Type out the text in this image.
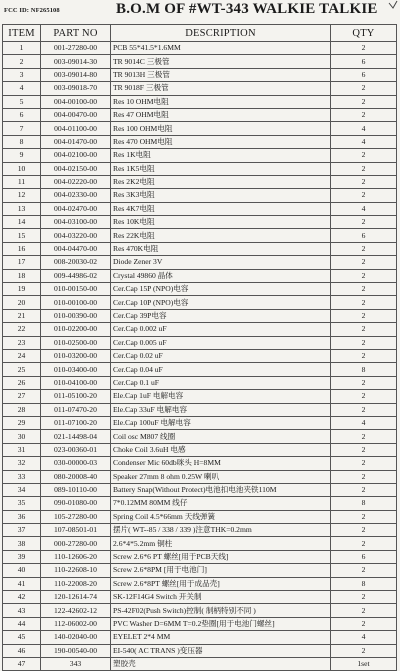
FCC ID: NF265108	B.O.M OF #WT-343 WALKIE TALKIE
ITEM	PART NO	DESCRIPTION	QTY
1	001-27280-00	PCB 55*41.5*1.6MM	2
2	003-09014-30	TR 9014C 三极管	6
3	003-09014-80	TR 9013H 三极管	6
4	003-09018-70	TR 9018F 三极管	2
5	004-00100-00	Res 10 OHM电阻	2
6	004-00470-00	Res 47 OHM电阻	2
7	004-01100-00	Res 100 OHM电阻	4
8	004-01470-00	Res 470 OHM电阻	4
9	004-02100-00	Res 1K电阻	2
10	004-02150-00	Res 1K5电阻	2
11	004-02220-00	Res 2K2电阻	2
12	004-02330-00	Res 3K3电阻	2
13	004-02470-00	Res 4K7电阻	4
14	004-03100-00	Res 10K电阻	2
15	004-03220-00	Res 22K电阻	6
16	004-04470-00	Res 470K电阻	2
17	008-20030-02	Diode Zener 3V	2
18	009-44986-02	Crystal 49860 晶体	2
19	010-00150-00	Cer.Cap 15P (NPO)电容	2
20	010-00100-00	Cer.Cap 10P (NPO)电容	2
21	010-00390-00	Cer.Cap 39P电容	2
22	010-02200-00	Cer.Cap 0.002 uF	2
23	010-02500-00	Cer.Cap 0.005 uF	2
24	010-03200-00	Cer.Cap 0.02 uF	2
25	010-03400-00	Cer.Cap 0.04 uF	8
26	010-04100-00	Cer.Cap 0.1 uF	2
27	011-05100-20	Ele.Cap 1uF 电解电容	2
28	011-07470-20	Ele.Cap 33uF 电解电容	2
29	011-07100-20	Ele.Cap 100uF 电解电容	4
30	021-14498-04	Coil osc M807 线圈	2
31	023-00360-01	Choke Coil 3.6uH 电感	2
32	030-00000-03	Condenser Mic 60db咪头 H=8MM	2
33	080-20008-40	Speaker 27mm 8 ohm 0.25W 喇叭	2
34	089-10110-00	Battery Snap(Without Protect)电池扣电池夹铁110M	2
35	090-01080-00	7*0.12MM 80MM 线仔	8
36	105-27280-00	Spring Coil 4.5*66mm 天线弹簧	2
37	107-08501-01	摆片( WT--85 / 338 / 339 )注意THK=0.2mm	2
38	000-27280-00	2.6*4*5.2mm 铜柱	2
39	110-12606-20	Screw 2.6*6 PT 螺丝[用于PCB天线]	6
40	110-22608-10	Screw 2.6*8PM [用于电池门]	2
41	110-22008-20	Screw 2.6*8PT 螺丝[用于成品壳]	8
42	120-12614-74	SK-12F14G4 Switch 开关制	2
43	122-42602-12	PS-42F02(Push Switch)控制( 制柄特别不同 )	2
44	112-06002-00	PVC Washer D=6MM T=0.2垫圈[用于电池门螺丝]	2
45	140-02040-00	EYELET 2*4 MM	4
46	190-00540-00	EI-540( AC TRANS )变压器	2
47	343	塑胶壳	1set
